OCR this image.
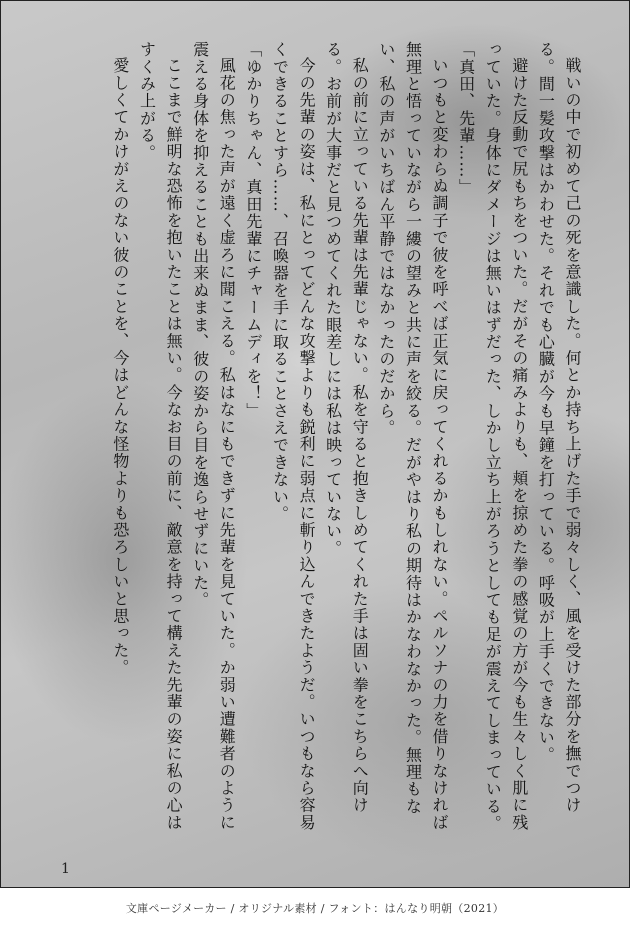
戦いの中で初めて己の死を意識した。何とか持ち上げた手で弱々しく、風を受けた部分を撫でつける。間一髪攻撃はかわせた。それでも心臓が今も早鐘を打っている。呼吸が上手くできない。

避けた反動で尻もちをついた。だがその痛みよりも、頬を掠めた拳の感覚の方が今も生々しく肌に残っていた。身体にダメージは無いはずだった、しかし立ち上がろうとしても足が震えてしまっている。

「真田、先輩……」

いつもと変わらぬ調子で彼を呼べば正気に戻ってくれるかもしれない。ペルソナの力を借りなければ無理と悟っていながら一縷の望みと共に声を絞る。だがやはり私の期待はかなわなかった。無理もない、私の声がいちばん平静ではなかったのだから。

私の前に立っている先輩は先輩じゃない。私を守ると抱きしめてくれた手は固い拳をこちらへ向ける。お前が大事だと見つめてくれた眼差しには私は映っていない。

今の先輩の姿は、私にとってどんな攻撃よりも鋭利に弱点に斬り込んできたようだ。いつもなら容易くできることすら……、召喚器を手に取ることさえできない。

「ゆかりちゃん、真田先輩にチャームディを！」

風花の焦った声が遠く虚ろに聞こえる。私はなにもできずに先輩を見ていた。か弱い遭難者のように震える身体を抑えることも出来ぬまま、彼の姿から目を逸らせずにいた。

ここまで鮮明な恐怖を抱いたことは無い。今なお目の前に、敵意を持って構えた先輩の姿に私の心はすくみ上がる。

愛しくてかけがえのない彼のことを、今はどんな怪物よりも恐ろしいと思った。

1
文庫ページメーカー / オリジナル素材 / フォント：はんなり明朝（2021）
